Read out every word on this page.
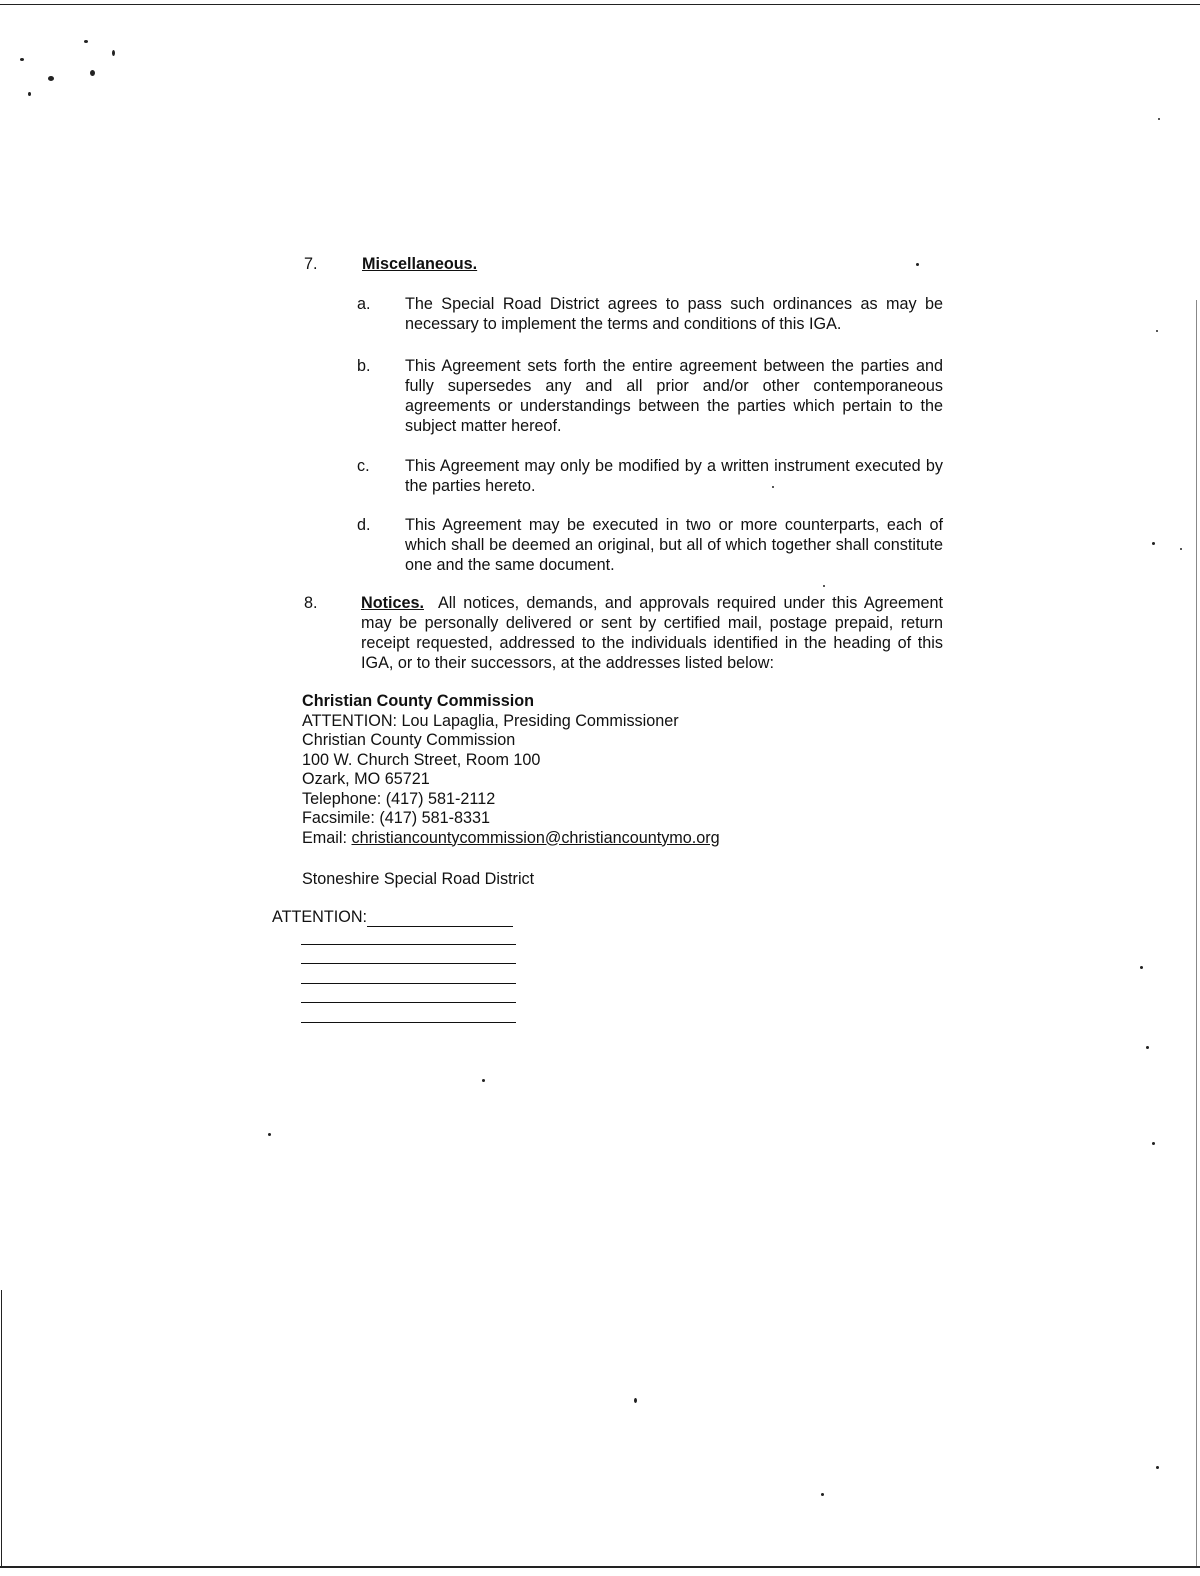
7.	Miscellaneous.
a. The Special Road District agrees to pass such ordinances as may be necessary to implement the terms and conditions of this IGA.
b. This Agreement sets forth the entire agreement between the parties and fully supersedes any and all prior and/or other contemporaneous agreements or understandings between the parties which pertain to the subject matter hereof.
c. This Agreement may only be modified by a written instrument executed by the parties hereto.
d. This Agreement may be executed in two or more counterparts, each of which shall be deemed an original, but all of which together shall constitute one and the same document.
8.	Notices. All notices, demands, and approvals required under this Agreement may be personally delivered or sent by certified mail, postage prepaid, return receipt requested, addressed to the individuals identified in the heading of this IGA, or to their successors, at the addresses listed below:
Christian County Commission
ATTENTION: Lou Lapaglia, Presiding Commissioner
Christian County Commission
100 W. Church Street, Room 100
Ozark, MO 65721
Telephone: (417) 581-2112
Facsimile: (417) 581-8331
Email: christiancountycommission@christiancountymo.org
Stoneshire Special Road District
ATTENTION:
